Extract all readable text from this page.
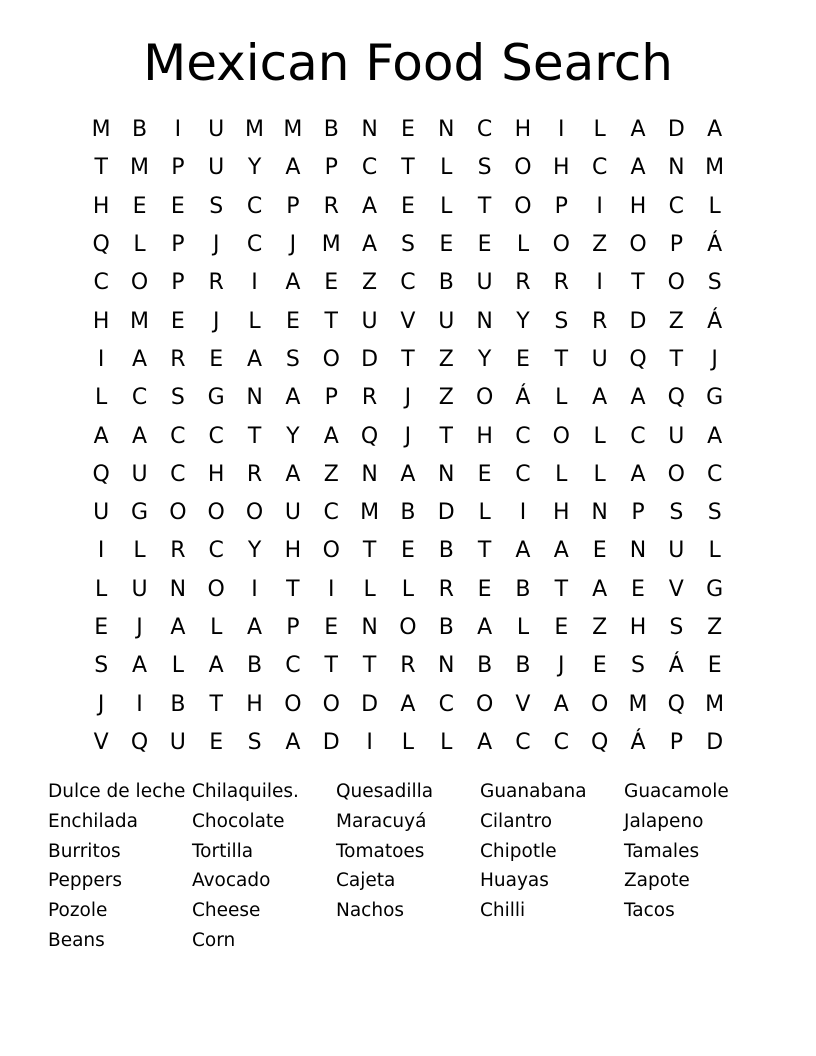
Mexican Food Search
M B	I	U M M B	N	E	N	C	H	I	L	A	D	A
T	M	P	U	Y	A	P	C	T	L	S	O H	C	A	N M
H	E	E	S	C	P	R	A	E	L	T	O	P	I	H	C	L
Q	L	P	J	C	J	M A	S	E	E	L	O	Z	O	P	Á
C O	P	R	I	A	E	Z	C	B	U	R	R	I	T	O	S
H M E	J	L	E	T	U	V	U	N	Y	S	R	D	Z	Á
I	A	R	E	A	S	O D	T	Z	Y	E	T	U Q	T	J
L	C	S	G N	A	P	R	J	Z	O	Á	L	A	A	Q G
A	A	C	C	T	Y	A	Q	J	T	H	C O	L	C	U	A
Q U	C	H	R	A	Z	N	A	N	E	C	L	L	A	O	C
U G O O O U	C M B	D	L	I	H N	P	S	S
I	L	R	C	Y	H O	T	E	B	T	A	A	E	N	U	L
L	U	N O	I	T	I	L	L	R	E	B	T	A	E	V	G
E	J	A	L	A	P	E	N O	B	A	L	E	Z	H	S	Z
S	A	L	A	B	C	T	T	R	N	B	B	J	E	S	Á	E
J	I	B	T	H O O D	A	C O	V	A	O M Q M
V	Q U	E	S	A	D	I	L	L	A	C	C Q	Á	P	D
Dulce de leche
Enchilada
Burritos
Peppers
Pozole
Beans
Chilaquiles.
Chocolate
Tortilla
Avocado
Cheese
Corn
Quesadilla
Maracuyá
Tomatoes
Cajeta
Nachos
Guanabana
Cilantro
Chipotle
Huayas
Chilli
Guacamole
Jalapeno
Tamales
Zapote
Tacos
